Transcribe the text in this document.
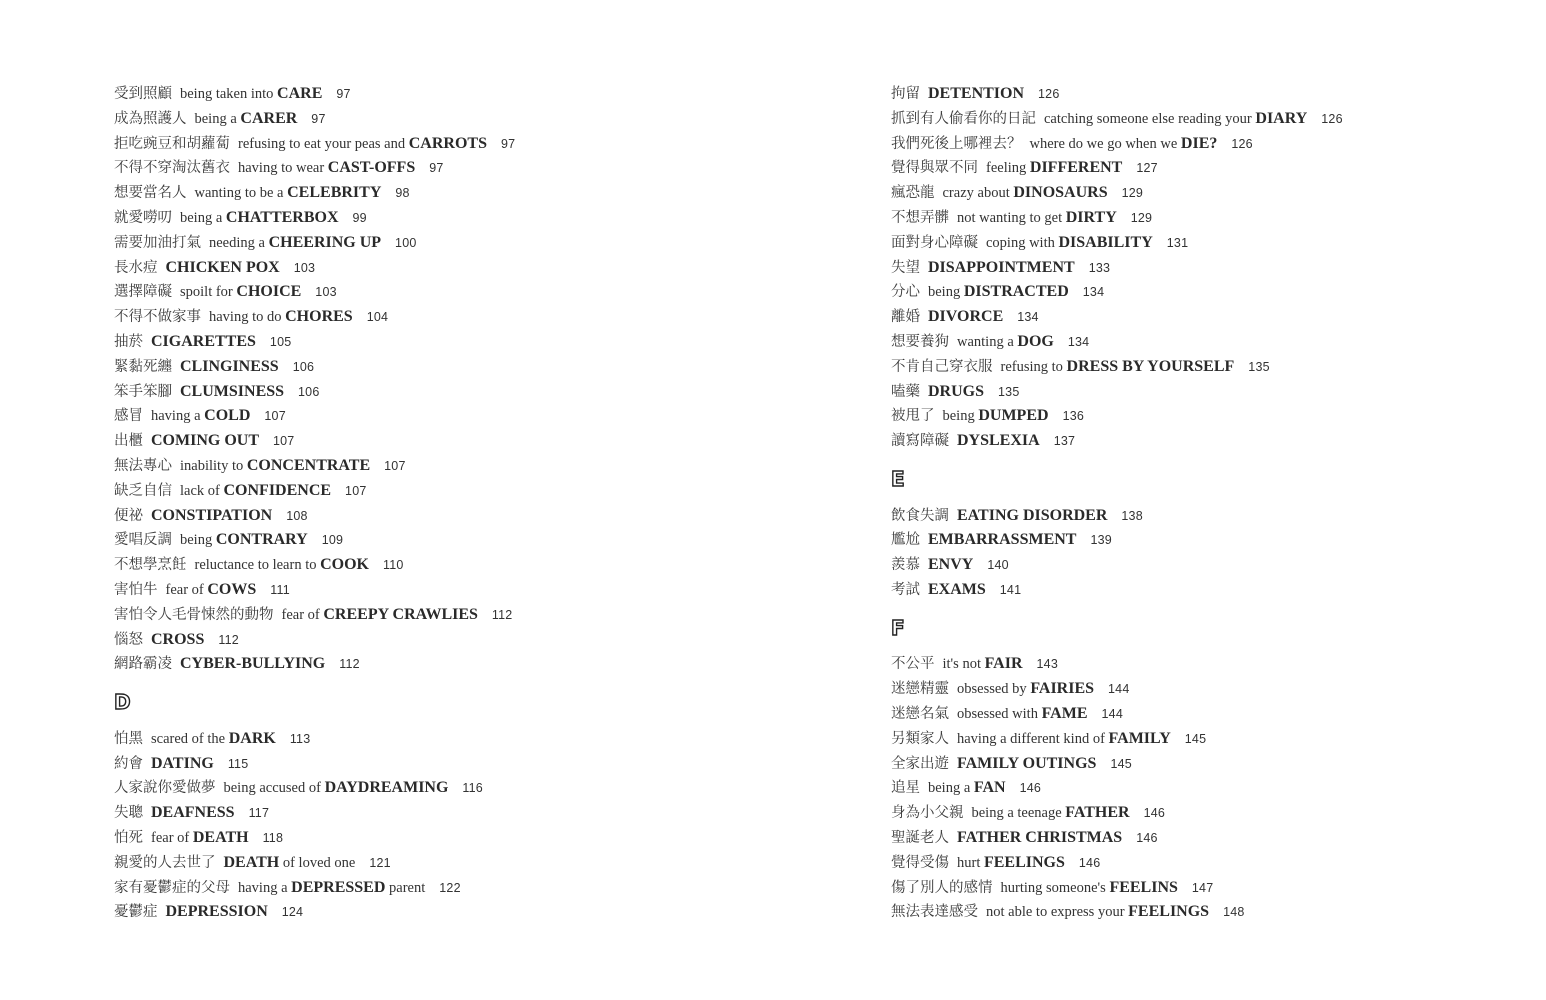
受到照顧 being taken into CARE 97
成為照護人 being a CARER 97
拒吃豌豆和胡蘿蔔 refusing to eat your peas and CARROTS 97
不得不穿淘汰舊衣 having to wear CAST-OFFS 97
想要當名人 wanting to be a CELEBRITY 98
就愛嘮叨 being a CHATTERBOX 99
需要加油打氣 needing a CHEERING UP 100
長水痘 CHICKEN POX 103
選擇障礙 spoilt for CHOICE 103
不得不做家事 having to do CHORES 104
抽菸 CIGARETTES 105
緊黏死纏 CLINGINESS 106
笨手笨腳 CLUMSINESS 106
感冒 having a COLD 107
出櫃 COMING OUT 107
無法專心 inability to CONCENTRATE 107
缺乏自信 lack of CONFIDENCE 107
便祕 CONSTIPATION 108
愛唱反調 being CONTRARY 109
不想學烹飪 reluctance to learn to COOK 110
害怕牛 fear of COWS 111
害怕令人毛骨悚然的動物 fear of CREEPY CRAWLIES 112
惱怒 CROSS 112
網路霸凌 CYBER-BULLYING 112
D
怕黑 scared of the DARK 113
約會 DATING 115
人家說你愛做夢 being accused of DAYDREAMING 116
失聰 DEAFNESS 117
怕死 fear of DEATH 118
親愛的人去世了 DEATH of loved one 121
家有憂鬱症的父母 having a DEPRESSED parent 122
憂鬱症 DEPRESSION 124
拘留 DETENTION 126
抓到有人偷看你的日記 catching someone else reading your DIARY 126
我們死後上哪裡去？ where do we go when we DIE? 126
覺得與眾不同 feeling DIFFERENT 127
瘋恐龍 crazy about DINOSAURS 129
不想弄髒 not wanting to get DIRTY 129
面對身心障礙 coping with DISABILITY 131
失望 DISAPPOINTMENT 133
分心 being DISTRACTED 134
離婚 DIVORCE 134
想要養狗 wanting a DOG 134
不肯自己穿衣服 refusing to DRESS BY YOURSELF 135
嗑藥 DRUGS 135
被甩了 being DUMPED 136
讀寫障礙 DYSLEXIA 137
E
飲食失調 EATING DISORDER 138
尷尬 EMBARRASSMENT 139
羨慕 ENVY 140
考試 EXAMS 141
F
不公平 it's not FAIR 143
迷戀精靈 obsessed by FAIRIES 144
迷戀名氣 obsessed with FAME 144
另類家人 having a different kind of FAMILY 145
全家出遊 FAMILY OUTINGS 145
追星 being a FAN 146
身為小父親 being a teenage FATHER 146
聖誕老人 FATHER CHRISTMAS 146
覺得受傷 hurt FEELINGS 146
傷了別人的感情 hurting someone's FEELINS 147
無法表達感受 not able to express your FEELINGS 148
